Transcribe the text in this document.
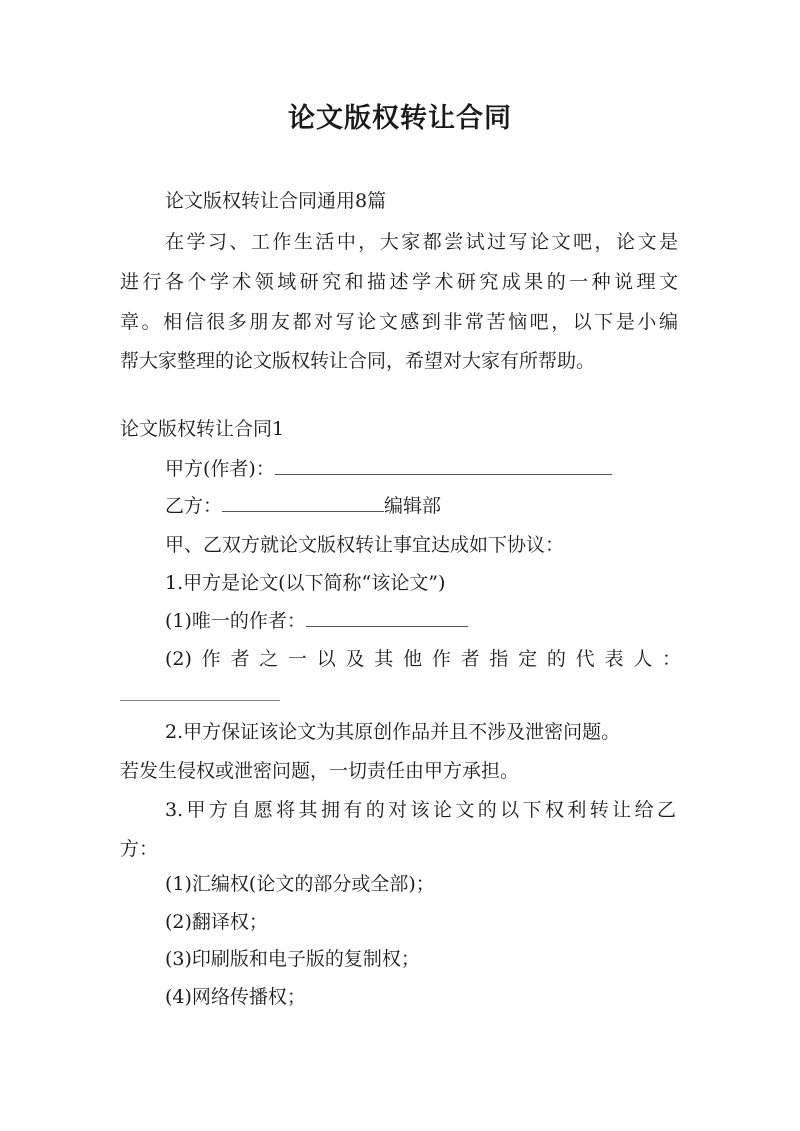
论文版权转让合同
论文版权转让合同通用8篇
在学习、工作生活中，大家都尝试过写论文吧，论文是
进行各个学术领域研究和描述学术研究成果的一种说理文
章。相信很多朋友都对写论文感到非常苦恼吧，以下是小编
帮大家整理的论文版权转让合同，希望对大家有所帮助。
论文版权转让合同1
甲方(作者)：
乙方：	编辑部
甲、乙双方就论文版权转让事宜达成如下协议：
1.甲方是论文(以下简称“该论文”)
(1)唯一的作者：
(2)作者之一以及其他作者指定的代表人：
2.甲方保证该论文为其原创作品并且不涉及泄密问题。
若发生侵权或泄密问题，一切责任由甲方承担。
3.甲方自愿将其拥有的对该论文的以下权利转让给乙
方：
(1)汇编权(论文的部分或全部)；
(2)翻译权；
(3)印刷版和电子版的复制权；
(4)网络传播权；
